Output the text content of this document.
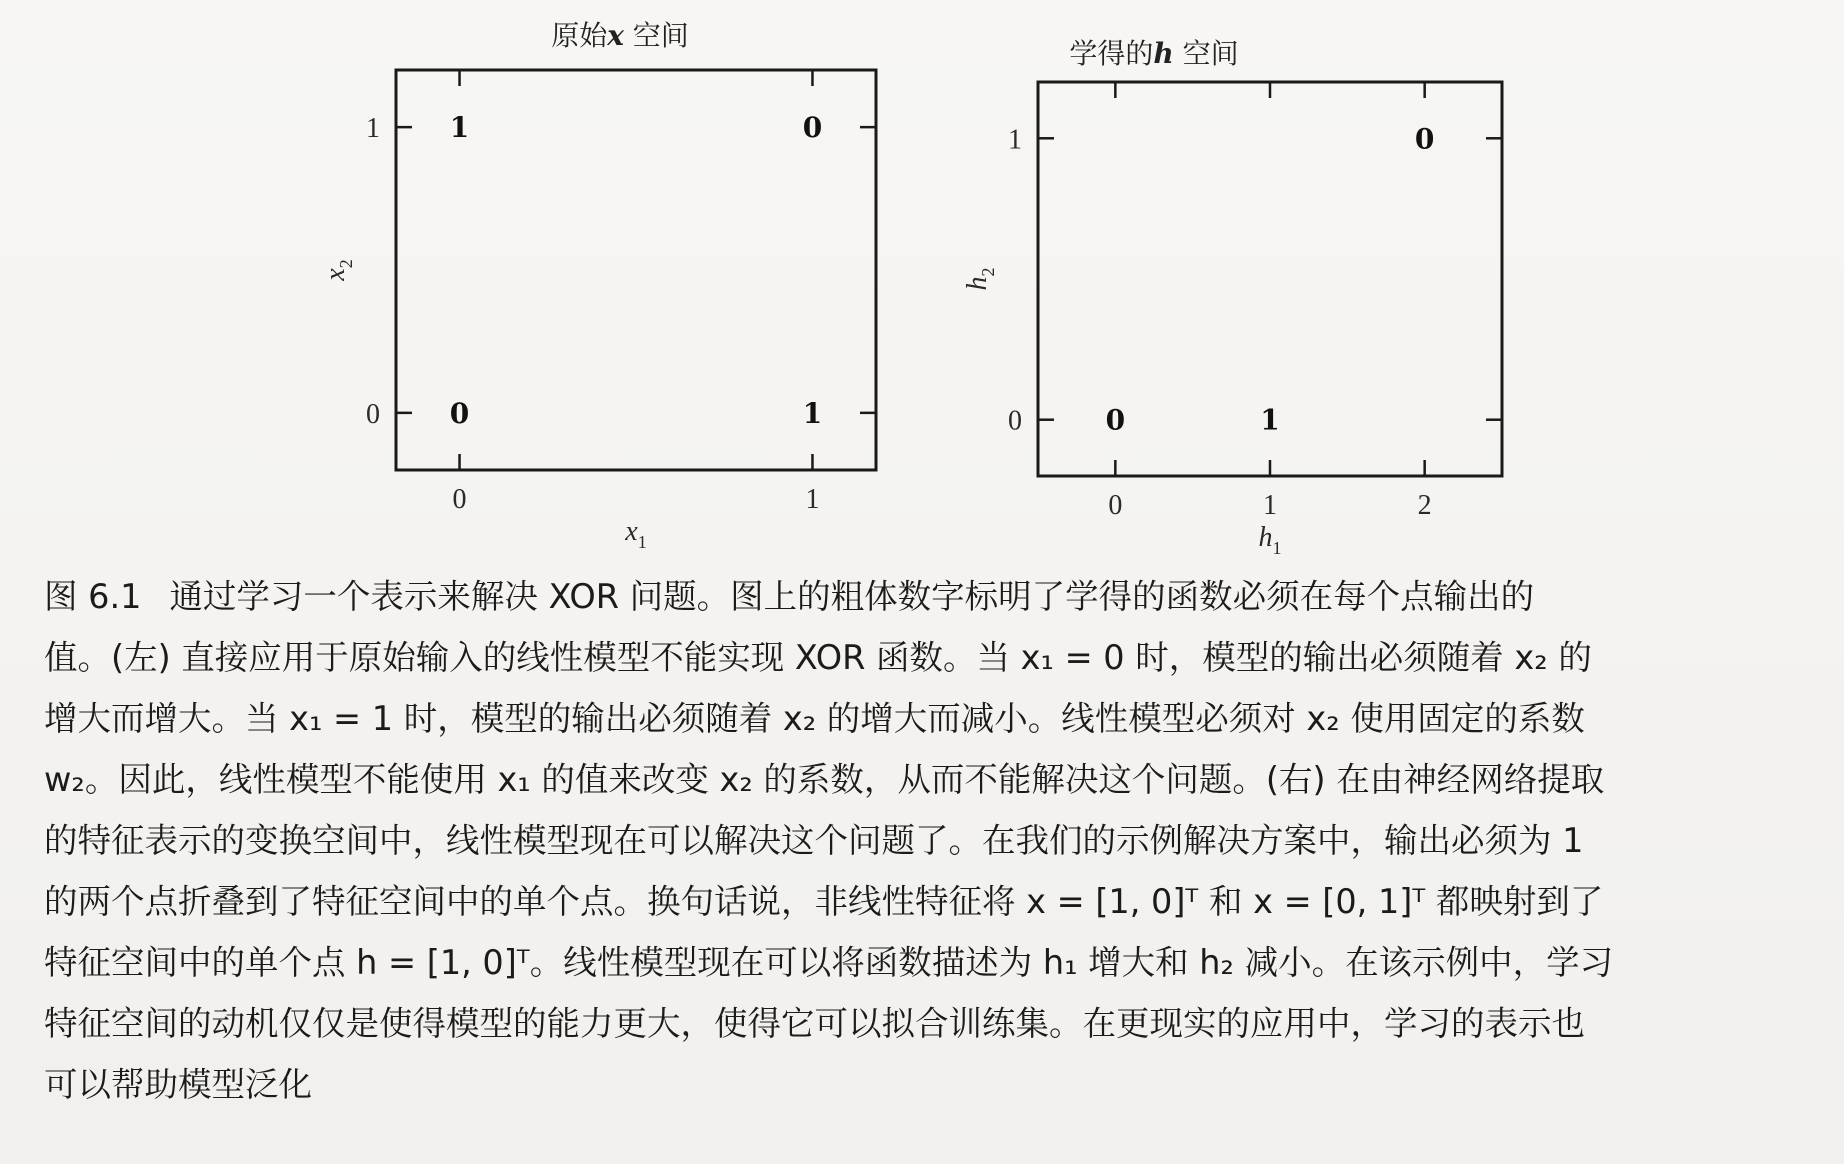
原始x 空间
0	1
0
1
$x_1$
$x_2$
1	0
0	1
学得的h 空间
0	1	2
0
1
$h_1$
$h_2$
0
0	1
图 6.1 通过学习一个表示来解决 XOR 问题。图上的粗体数字标明了学得的函数必须在每个点输出的
值。(左) 直接应用于原始输入的线性模型不能实现 XOR 函数。当 x₁ = 0 时，模型的输出必须随着 x₂ 的
增大而增大。当 x₁ = 1 时，模型的输出必须随着 x₂ 的增大而减小。线性模型必须对 x₂ 使用固定的系数
w₂。因此，线性模型不能使用 x₁ 的值来改变 x₂ 的系数，从而不能解决这个问题。(右) 在由神经网络提取
的特征表示的变换空间中，线性模型现在可以解决这个问题了。在我们的示例解决方案中，输出必须为 1
的两个点折叠到了特征空间中的单个点。换句话说，非线性特征将 x = [1, 0]ᵀ 和 x = [0, 1]ᵀ 都映射到了
特征空间中的单个点 h = [1, 0]ᵀ。线性模型现在可以将函数描述为 h₁ 增大和 h₂ 减小。在该示例中，学习
特征空间的动机仅仅是使得模型的能力更大，使得它可以拟合训练集。在更现实的应用中，学习的表示也
可以帮助模型泛化
